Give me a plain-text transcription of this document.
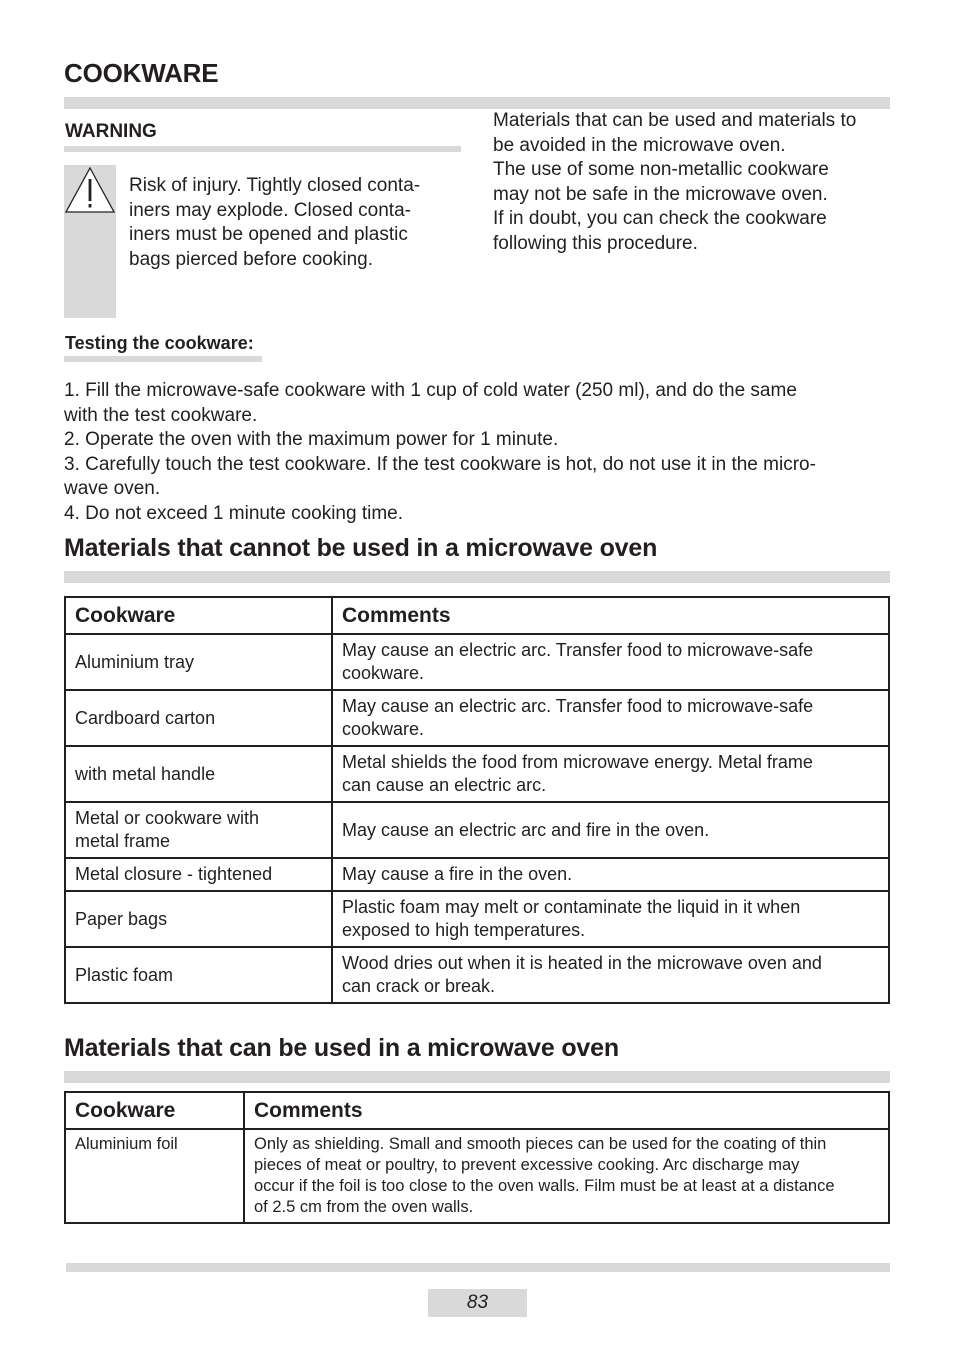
COOKWARE
WARNING
Risk of injury. Tightly closed conta-
iners may explode. Closed conta-
iners must be opened and plastic
bags pierced before cooking.
Materials that can be used and materials to
be avoided in the microwave oven.
The use of some non-metallic cookware
may not be safe in the microwave oven.
If in doubt, you can check the cookware
following this procedure.
Testing the cookware:
1. Fill the microwave-safe cookware with 1 cup of cold water (250 ml), and do the same
with the test cookware.
2. Operate the oven with the maximum power for 1 minute.
3. Carefully touch the test cookware. If the test cookware is hot, do not use it in the micro-
wave oven.
4. Do not exceed 1 minute cooking time.
Materials that cannot be used in a microwave oven
Cookware	Comments
Aluminium tray	May cause an electric arc. Transfer food to microwave-safe
cookware.
Cardboard carton	May cause an electric arc. Transfer food to microwave-safe
cookware.
with metal handle	Metal shields the food from microwave energy. Metal frame
can cause an electric arc.
Metal or cookware with
metal frame	May cause an electric arc and fire in the oven.
Metal closure - tightened	May cause a fire in the oven.
Paper bags	Plastic foam may melt or contaminate the liquid in it when
exposed to high temperatures.
Plastic foam	Wood dries out when it is heated in the microwave oven and
can crack or break.
Materials that can be used in a microwave oven
Cookware	Comments
Aluminium foil	Only as shielding. Small and smooth pieces can be used for the coating of thin
pieces of meat or poultry, to prevent excessive cooking. Arc discharge may
occur if the foil is too close to the oven walls. Film must be at least at a distance
of 2.5 cm from the oven walls.
83
